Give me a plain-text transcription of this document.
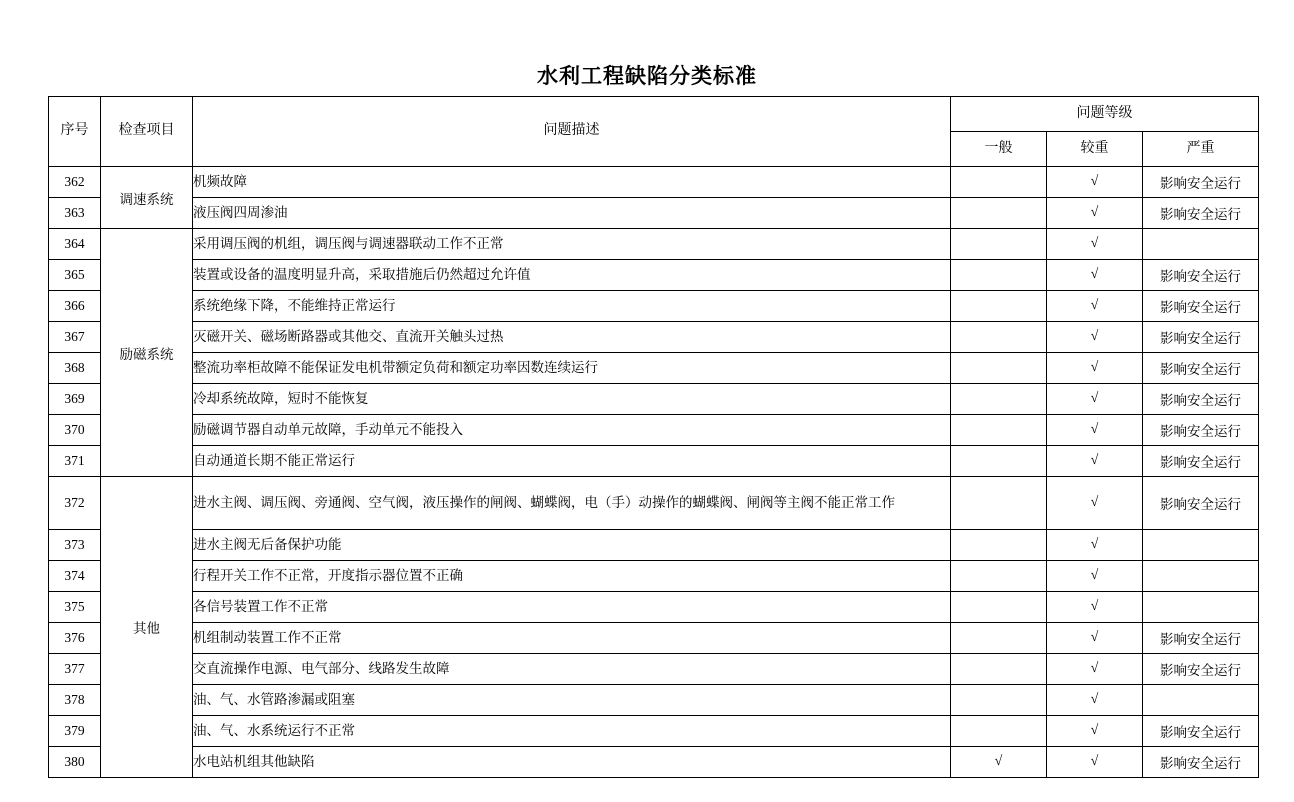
水利工程缺陷分类标准
序号	检查项目	问题描述	问题等级		
			一般	较重	严重
362	调速系统	机频故障		√	影响安全运行
363		液压阀四周渗油		√	影响安全运行
364	励磁系统	采用调压阀的机组，调压阀与调速器联动工作不正常		√	
365		装置或设备的温度明显升高，采取措施后仍然超过允许值		√	影响安全运行
366		系统绝缘下降，不能维持正常运行		√	影响安全运行
367		灭磁开关、磁场断路器或其他交、直流开关触头过热		√	影响安全运行
368		整流功率柜故障不能保证发电机带额定负荷和额定功率因数连续运行		√	影响安全运行
369		冷却系统故障，短时不能恢复		√	影响安全运行
370		励磁调节器自动单元故障，手动单元不能投入		√	影响安全运行
371		自动通道长期不能正常运行		√	影响安全运行
372	其他	进水主阀、调压阀、旁通阀、空气阀，液压操作的闸阀、蝴蝶阀，电（手）动操作的蝴蝶阀、闸阀等主阀不能正常工作		√	影响安全运行
373		进水主阀无后备保护功能		√	
374		行程开关工作不正常，开度指示器位置不正确		√	
375		各信号装置工作不正常		√	
376		机组制动装置工作不正常		√	影响安全运行
377		交直流操作电源、电气部分、线路发生故障		√	影响安全运行
378		油、气、水管路渗漏或阻塞		√	
379		油、气、水系统运行不正常		√	影响安全运行
380		水电站机组其他缺陷	√	√	影响安全运行
